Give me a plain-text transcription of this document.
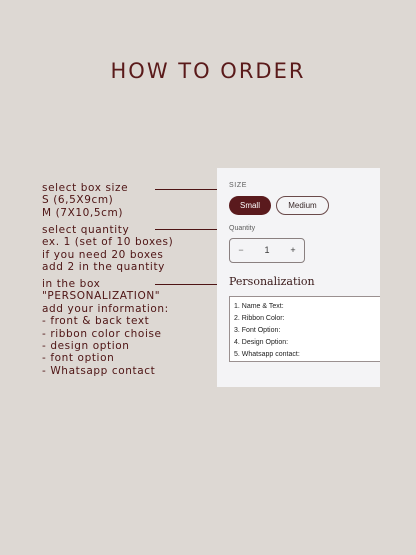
HOW TO ORDER
select box size
S (6,5X9cm)
M (7X10,5cm)
select quantity
ex. 1 (set of 10 boxes)
if you need 20 boxes
add 2 in the quantity
in the box
"PERSONALIZATION"
add your information:
- front & back text
- ribbon color choise
- design option
- font option
- Whatsapp contact
SIZE
Small	Medium
Quantity
−	1	+
Personalization
1. Name & Text:
2. Ribbon Color:
3. Font Option:
4. Design Option:
5. Whatsapp contact:
